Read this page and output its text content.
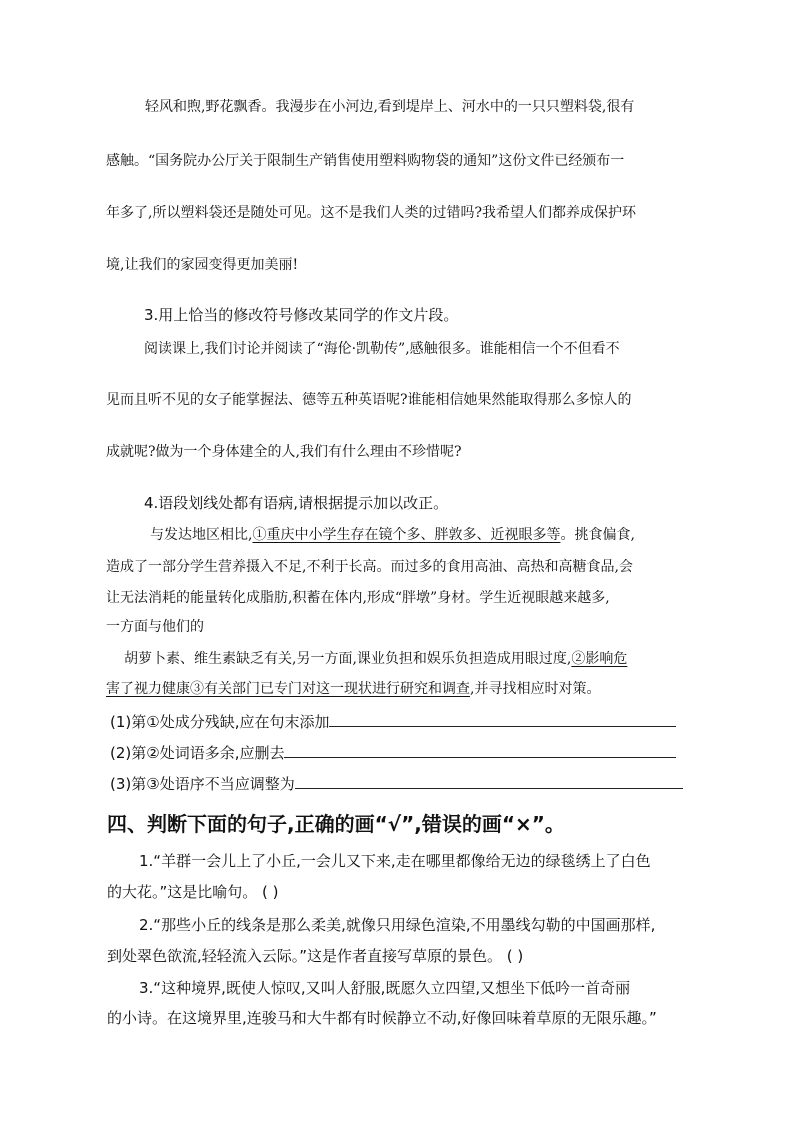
轻风和煦,野花飘香。我漫步在小河边,看到堤岸上、河水中的一只只塑料袋,很有

感触。“国务院办公厅关于限制生产销售使用塑料购物袋的通知”这份文件已经颁布一

年多了,所以塑料袋还是随处可见。这不是我们人类的过错吗?我希望人们都养成保护环

境,让我们的家园变得更加美丽!

3.用上恰当的修改符号修改某同学的作文片段。

阅读课上,我们讨论并阅读了“海伦·凯勒传”,感触很多。谁能相信一个不但看不

见而且听不见的女子能掌握法、德等五种英语呢?谁能相信她果然能取得那么多惊人的

成就呢?做为一个身体建全的人,我们有什么理由不珍惜呢?

4.语段划线处都有语病,请根据提示加以改正。

与发达地区相比,①重庆中小学生存在镜个多、胖敦多、近视眼多等。挑食偏食,

造成了一部分学生营养摄入不足,不利于长高。而过多的食用高油、高热和高糖食品,会

让无法消耗的能量转化成脂肪,积蓄在体内,形成“胖墩”身材。学生近视眼越来越多,

一方面与他们的

胡萝卜素、维生素缺乏有关,另一方面,课业负担和娱乐负担造成用眼过度,②影响危

害了视力健康③有关部门已专门对这一现状进行研究和调查,并寻找相应时对策。

(1)第①处成分残缺,应在句末添加

(2)第②处词语多余,应删去

(3)第③处语序不当应调整为

四、判断下面的句子,正确的画“√”,错误的画“×”。

1.“羊群一会儿上了小丘,一会儿又下来,走在哪里都像给无边的绿毯绣上了白色

的大花。”这是比喻句。 ( )

2.“那些小丘的线条是那么柔美,就像只用绿色渲染,不用墨线勾勒的中国画那样,

到处翠色欲流,轻轻流入云际。”这是作者直接写草原的景色。 ( )

3.“这种境界,既使人惊叹,又叫人舒服,既愿久立四望,又想坐下低吟一首奇丽

的小诗。在这境界里,连骏马和大牛都有时候静立不动,好像回味着草原的无限乐趣。”
